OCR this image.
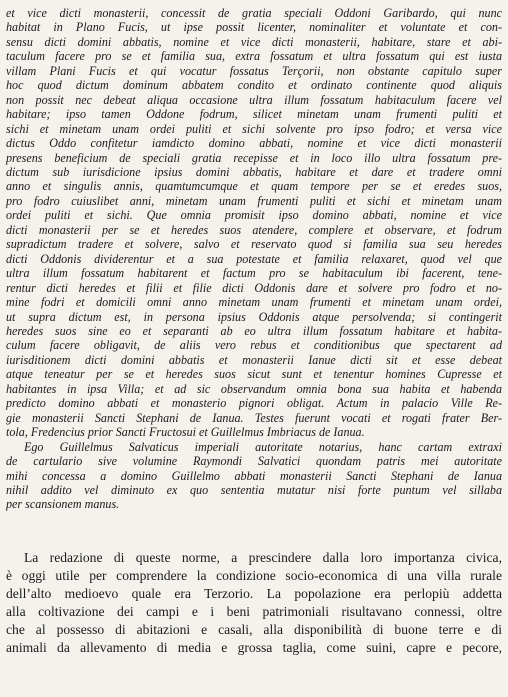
et vice dicti monasterii, concessit de gratia speciali Oddoni Garibardo, qui nunc
habitat in Plano Fucis, ut ipse possit licenter, nominaliter et voluntate et con-
sensu dicti domini abbatis, nomine et vice dicti monasterii, habitare, stare et abi-
taculum facere pro se et familia sua, extra fossatum et ultra fossatum qui est iusta
villam Plani Fucis et qui vocatur fossatus Terçorii, non obstante capitulo super
hoc quod dictum dominum abbatem condito et ordinato continente quod aliquis
non possit nec debeat aliqua occasione ultra illum fossatum habitaculum facere vel
habitare; ipso tamen Oddone fodrum, silicet minetam unam frumenti puliti et
sichi et minetam unam ordei puliti et sichi solvente pro ipso fodro; et versa vice
dictus Oddo confitetur iamdicto domino abbati, nomine et vice dicti monasterii
presens beneficium de speciali gratia recepisse et in loco illo ultra fossatum pre-
dictum sub iurisdicione ipsius domini abbatis, habitare et dare et tradere omni
anno et singulis annis, quamtumcumque et quam tempore per se et eredes suos,
pro fodro cuiuslibet anni, minetam unam frumenti puliti et sichi et minetam unam
ordei puliti et sichi. Que omnia promisit ipso domino abbati, nomine et vice
dicti monasterii per se et heredes suos atendere, complere et observare, et fodrum
supradictum tradere et solvere, salvo et reservato quod si familia sua seu heredes
dicti Oddonis dividerentur et a sua potestate et familia relaxaret, quod vel que
ultra illum fossatum habitarent et factum pro se habitaculum ibi facerent, tene-
rentur dicti heredes et filii et filie dicti Oddonis dare et solvere pro fodro et no-
mine fodri et domicili omni anno minetam unam frumenti et minetam unam ordei,
ut supra dictum est, in persona ipsius Oddonis atque persolvenda; si contingerit
heredes suos sine eo et separanti ab eo ultra illum fossatum habitare et habita-
culum facere obligavit, de aliis vero rebus et conditionibus que spectarent ad
iurisditionem dicti domini abbatis et monasterii Ianue dicti sit et esse debeat
atque teneatur per se et heredes suos sicut sunt et tenentur homines Cupresse et
habitantes in ipsa Villa; et ad sic observandum omnia bona sua habita et habenda
predicto domino abbati et monasterio pignori obligat. Actum in palacio Ville Re-
gie monasterii Sancti Stephani de Ianua. Testes fuerunt vocati et rogati frater Ber-
tola, Fredencius prior Sancti Fructosui et Guillelmus Imbriacus de Ianua.
Ego Guillelmus Salvaticus imperiali autoritate notarius, hanc cartam extraxi
de cartulario sive volumine Raymondi Salvatici quondam patris mei autoritate
mihi concessa a domino Guillelmo abbati monasterii Sancti Stephani de Ianua
nihil addito vel diminuto ex quo sententia mutatur nisi forte puntum vel sillaba
per scansionem manus.
La redazione di queste norme, a prescindere dalla loro importanza civica,
è oggi utile per comprendere la condizione socio-economica di una villa rurale
dell’alto medioevo quale era Terzorio. La popolazione era perlopiù addetta
alla coltivazione dei campi e i beni patrimoniali risultavano connessi, oltre
che al possesso di abitazioni e casali, alla disponibilità di buone terre e di
animali da allevamento di media e grossa taglia, come suini, capre e pecore,
